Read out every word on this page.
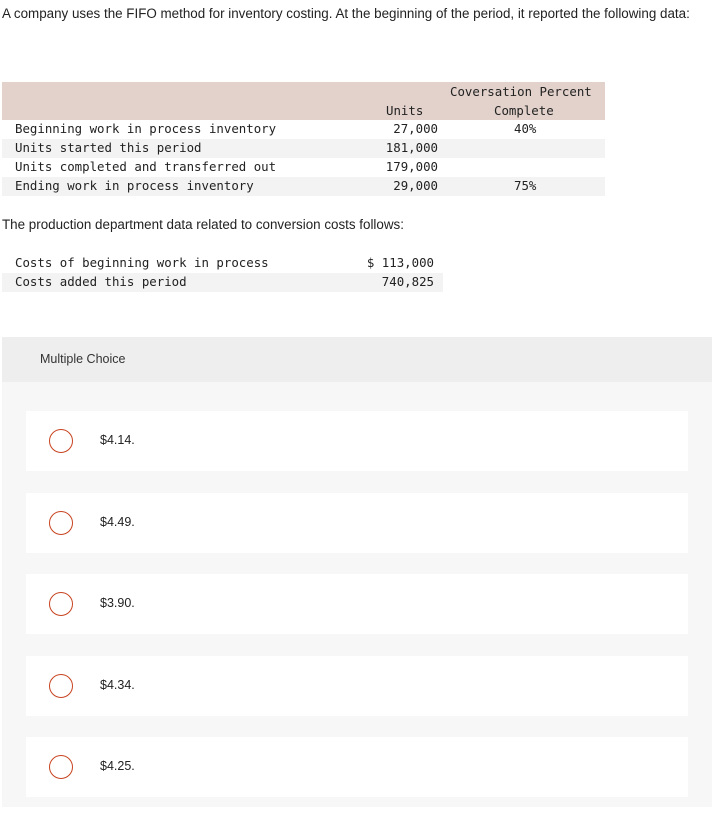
A company uses the FIFO method for inventory costing. At the beginning of the period, it reported the following data:
Units
Coversation Percent
Complete
Beginning work in process inventory	27,000	40%
Units started this period	181,000
Units completed and transferred out	179,000
Ending work in process inventory	29,000	75%
The production department data related to conversion costs follows:
Costs of beginning work in process	$ 113,000
Costs added this period	740,825
Multiple Choice
$4.14.
$4.49.
$3.90.
$4.34.
$4.25.
